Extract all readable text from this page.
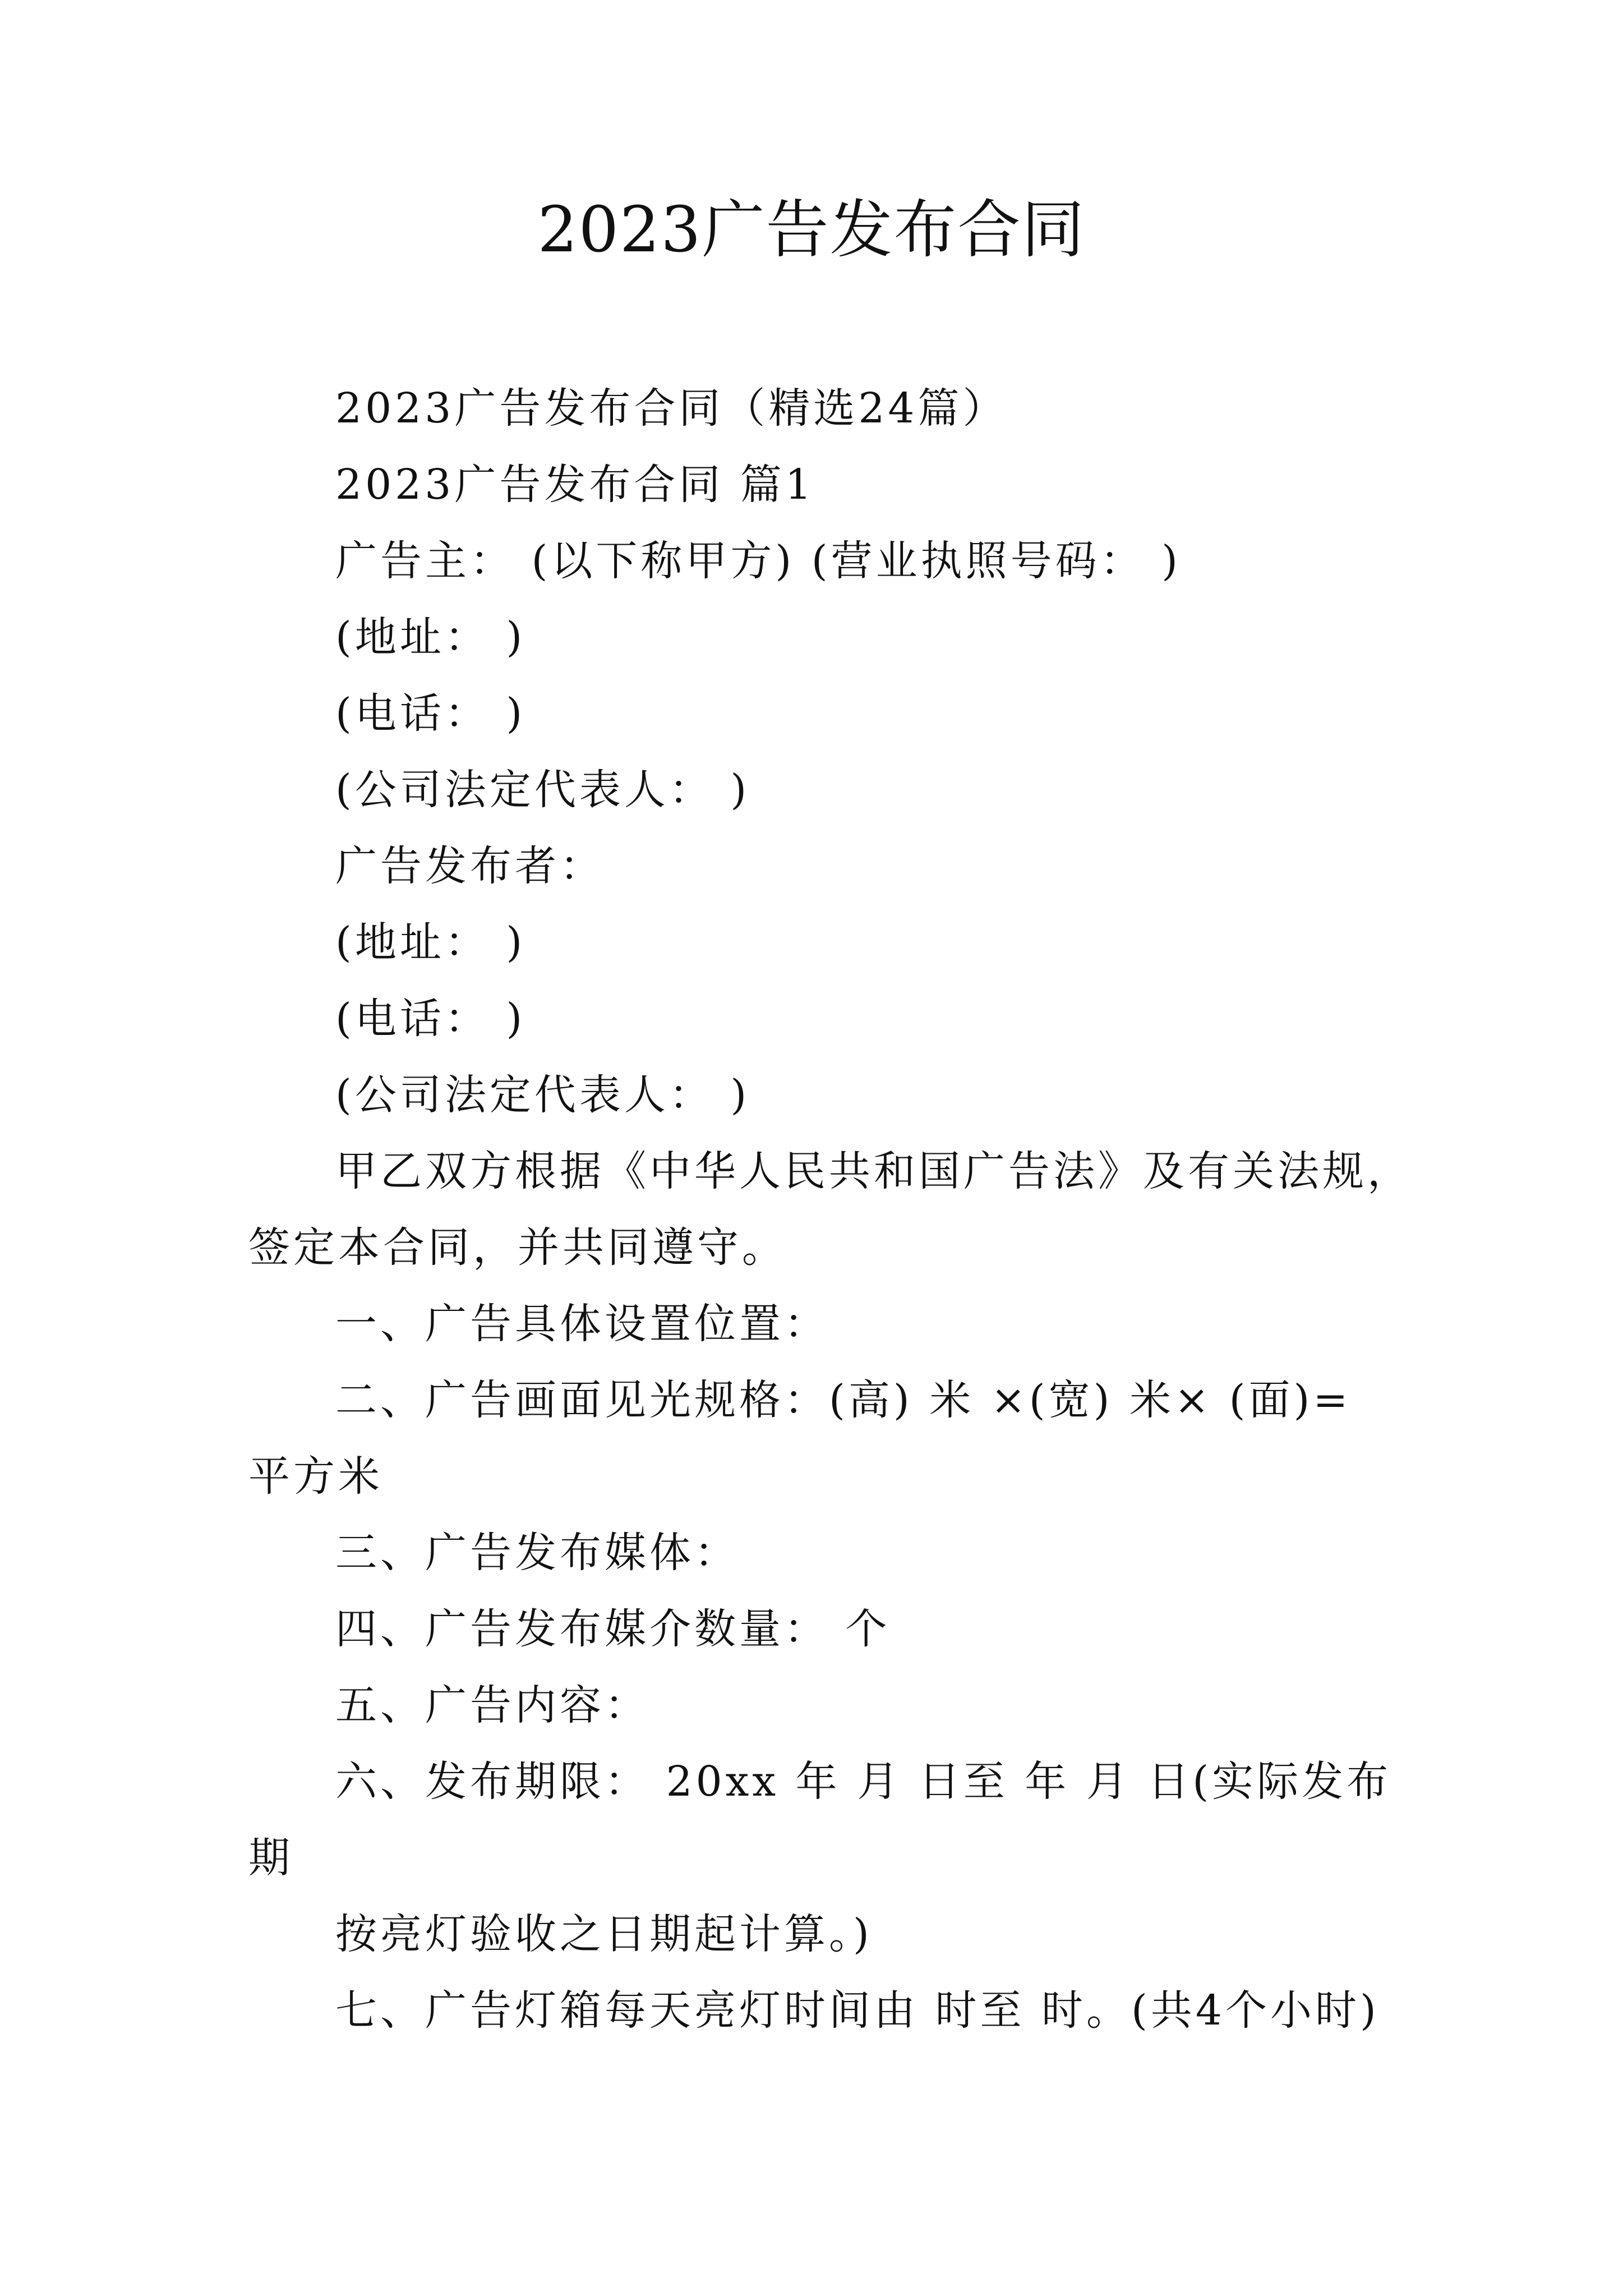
2023广告发布合同

2023广告发布合同（精选24篇）

2023广告发布合同 篇1

广告主： (以下称甲方) (营业执照号码： )

(地址： )

(电话： )

(公司法定代表人： )

广告发布者：

(地址： )

(电话： )

(公司法定代表人： )

甲乙双方根据《中华人民共和国广告法》及有关法规，

签定本合同，并共同遵守。

一、广告具体设置位置：

二、广告画面见光规格：(高) 米 ×(宽) 米× (面)=

平方米

三、广告发布媒体：

四、广告发布媒介数量： 个

五、广告内容：

六、发布期限： 20xx 年 月 日至 年 月 日(实际发布

期

按亮灯验收之日期起计算。)

七、广告灯箱每天亮灯时间由 时至 时。(共4个小时)
